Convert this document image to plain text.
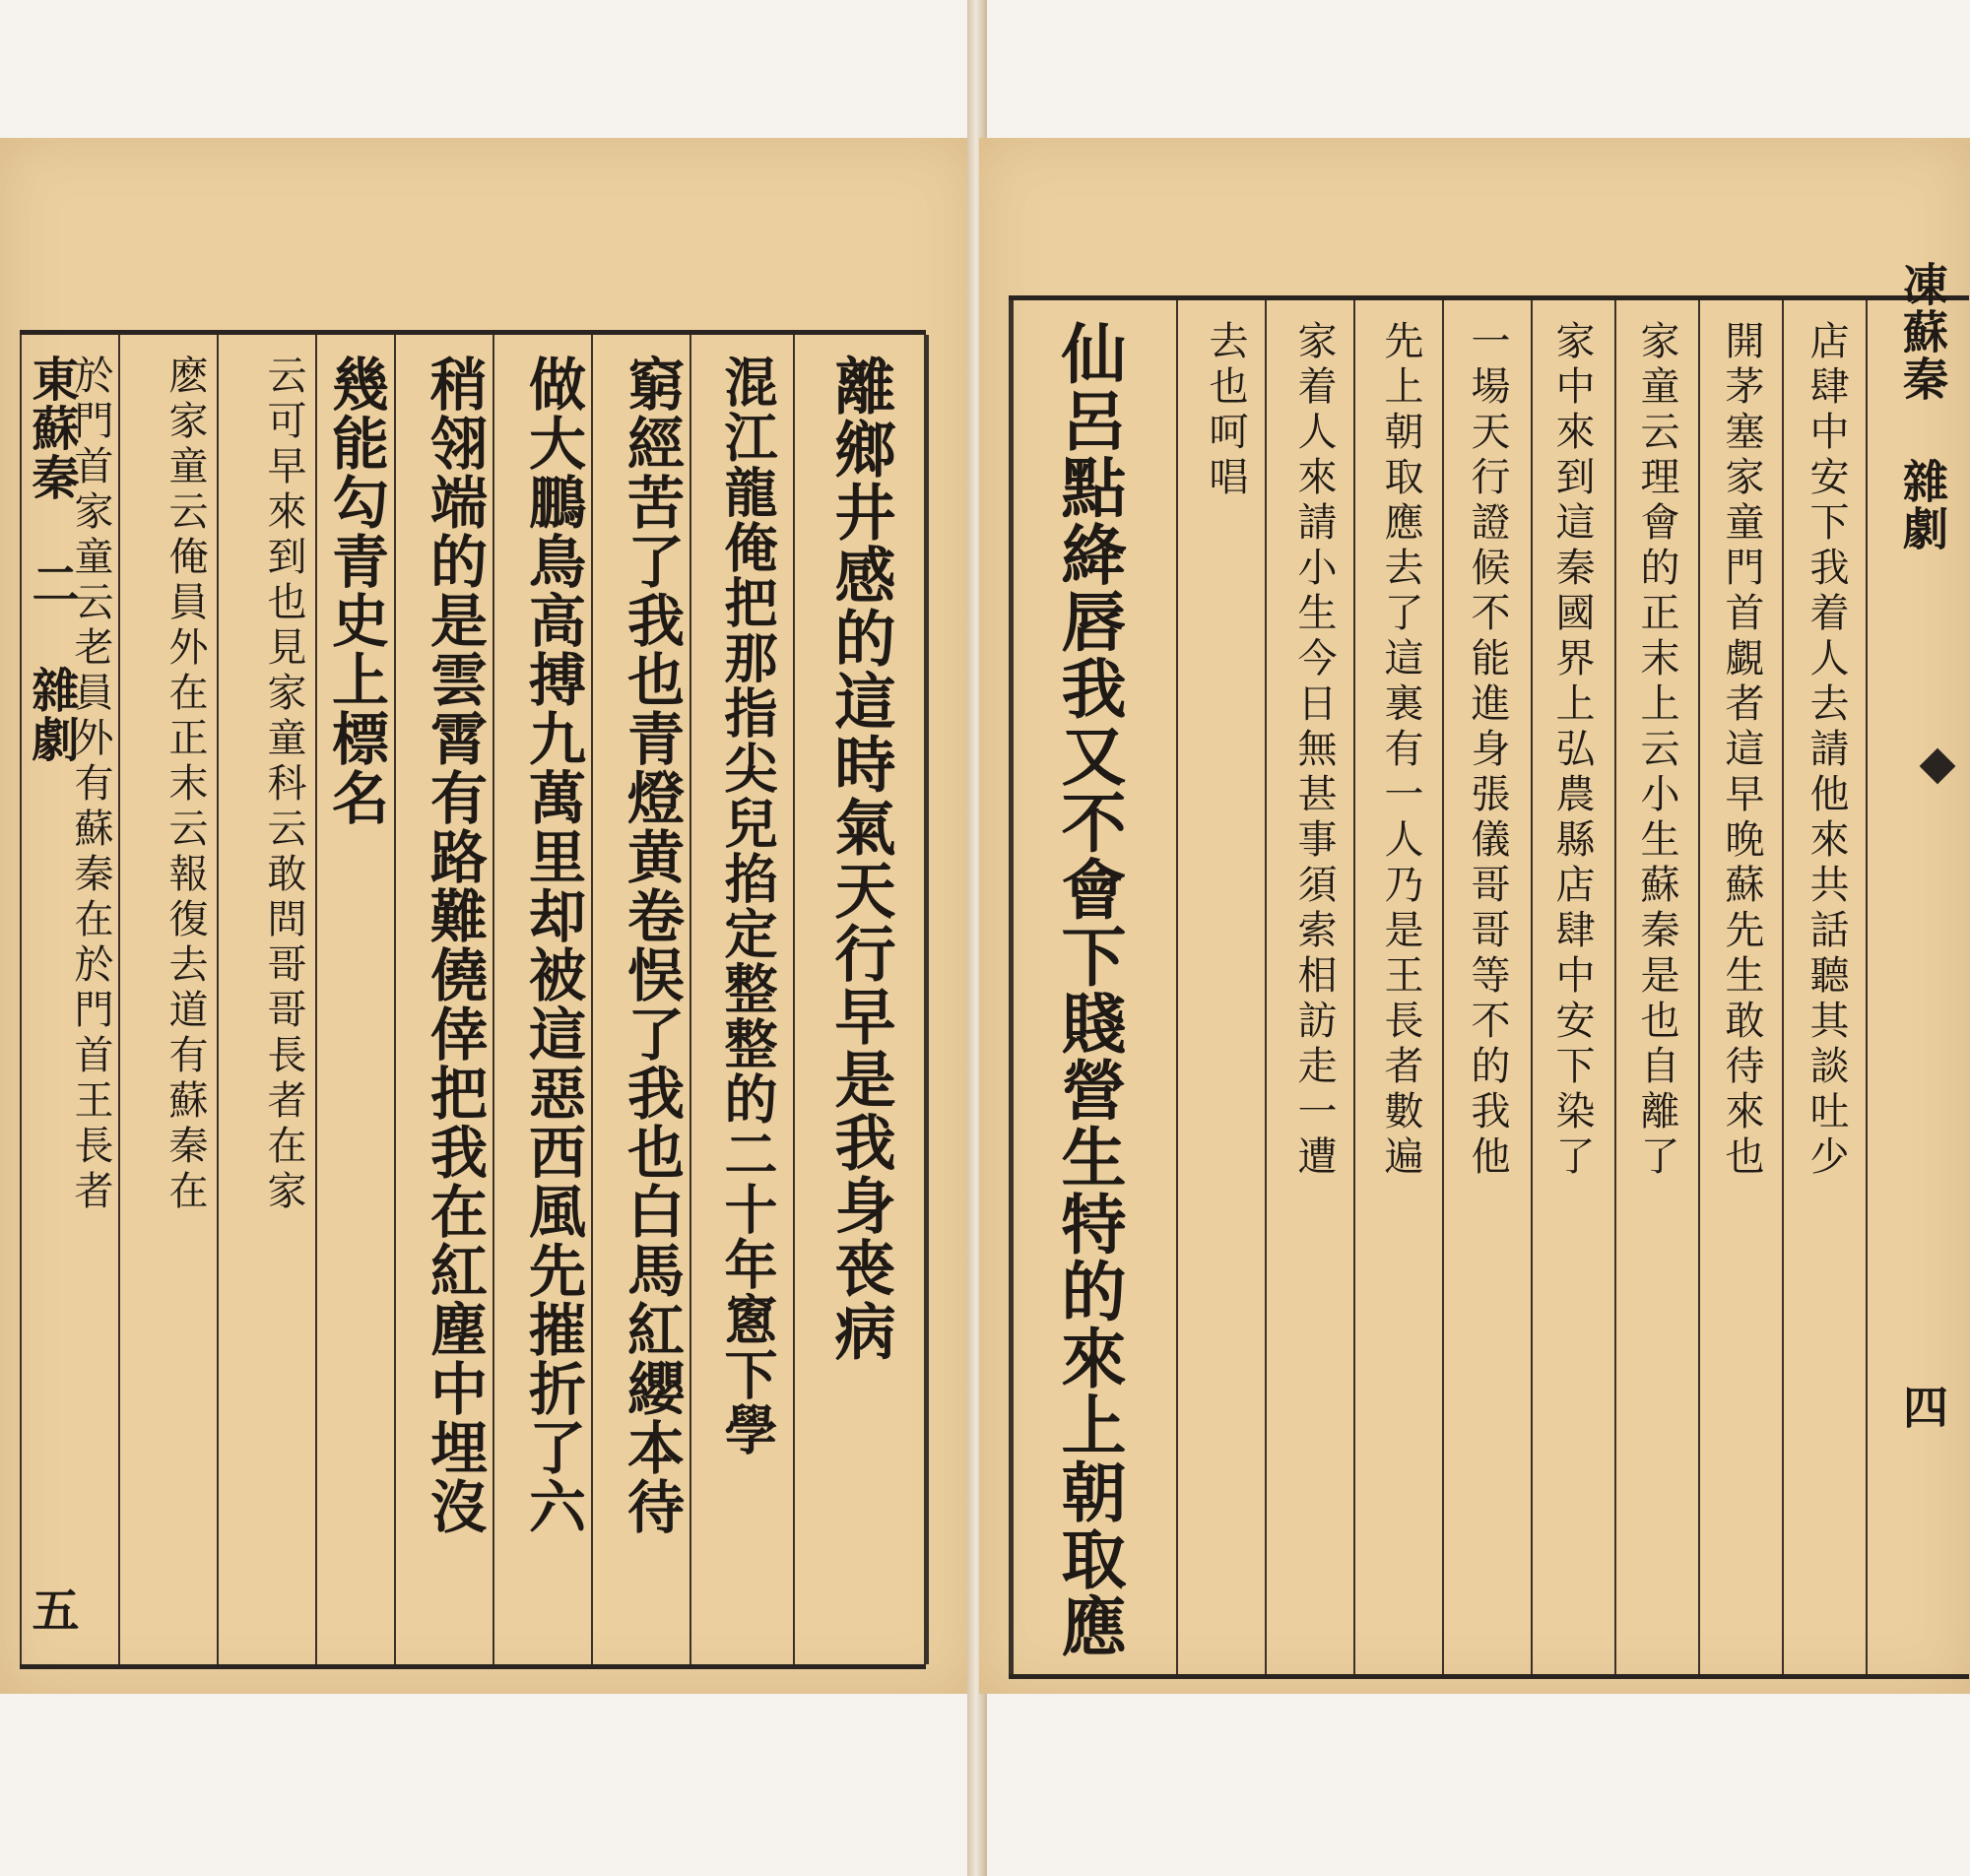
東蘇秦 二 雜劇
五
於門首家童云老員外有蘇秦在於門首王長者 麽家童云俺員外在正末云報復去道有蘇秦在 云可早來到也見家童科云敢問哥哥長者在家 幾能勾青史上標名 稍翎端的是雲霄有路難僥倖把我在紅塵中埋沒 做大鵬鳥高搏九萬里却被這惡西風先摧折了六 窮經苦了我也青燈黄卷悮了我也白馬紅纓本待 混江龍俺把那指尖兒掐定整整的二十年窻下學 離鄉井感的這時氣天行早是我身䘮病 仙呂點絳唇我又不會下賤營生特的來上朝取應 去也呵唱 家着人來請小生今日無甚事須索相訪走一遭 先上朝取應去了這裏有一人乃是王長者數遍 一場天行證候不能進身張儀哥哥等不的我他 家中來到這秦國界上弘農縣店肆中安下染了 家童云理會的正末上云小生蘇秦是也自離了 開茅塞家童門首覷者這早晚蘇先生敢待來也 店肆中安下我着人去請他來共話聽其談吐少 凍蘇秦 雜劇
四
